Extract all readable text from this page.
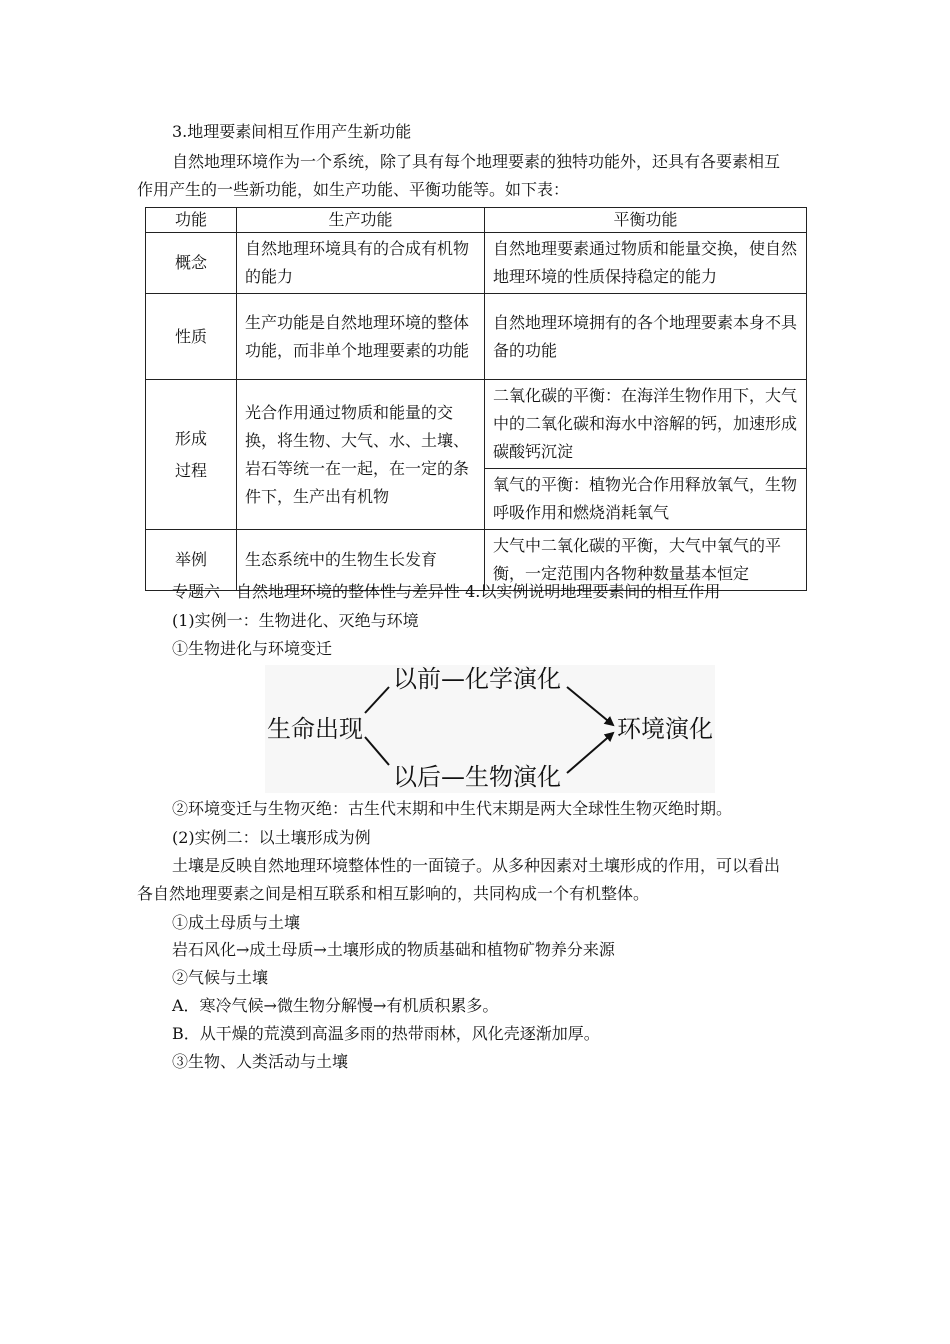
3.地理要素间相互作用产生新功能
自然地理环境作为一个系统，除了具有每个地理要素的独特功能外，还具有各要素相互
作用产生的一些新功能，如生产功能、平衡功能等。如下表：
功能	生产功能	平衡功能
概念	自然地理环境具有的合成有机物的能力	自然地理要素通过物质和能量交换，使自然地理环境的性质保持稳定的能力
性质	生产功能是自然地理环境的整体功能，而非单个地理要素的功能	自然地理环境拥有的各个地理要素本身不具备的功能

形成过程	光合作用通过物质和能量的交换，将生物、大气、水、土壤、岩石等统一在一起，在一定的条件下，生产出有机物	二氧化碳的平衡：在海洋生物作用下，大气中的二氧化碳和海水中溶解的钙，加速形成碳酸钙沉淀
		氧气的平衡：植物光合作用释放氧气，生物呼吸作用和燃烧消耗氧气
举例	生态系统中的生物生长发育	大气中二氧化碳的平衡，大气中氧气的平衡，一定范围内各物种数量基本恒定
专题六　自然地理环境的整体性与差异性 4.以实例说明地理要素间的相互作用
(1)实例一：生物进化、灭绝与环境
①生物进化与环境变迁
生命出现
以前—化学演化
以后—生物演化
环境演化
②环境变迁与生物灭绝：古生代末期和中生代末期是两大全球性生物灭绝时期。
(2)实例二：以土壤形成为例
土壤是反映自然地理环境整体性的一面镜子。从多种因素对土壤形成的作用，可以看出
各自然地理要素之间是相互联系和相互影响的，共同构成一个有机整体。
①成土母质与土壤
岩石风化→成土母质→土壤形成的物质基础和植物矿物养分来源
②气候与土壤
A．寒冷气候→微生物分解慢→有机质积累多。
B．从干燥的荒漠到高温多雨的热带雨林，风化壳逐渐加厚。
③生物、人类活动与土壤
